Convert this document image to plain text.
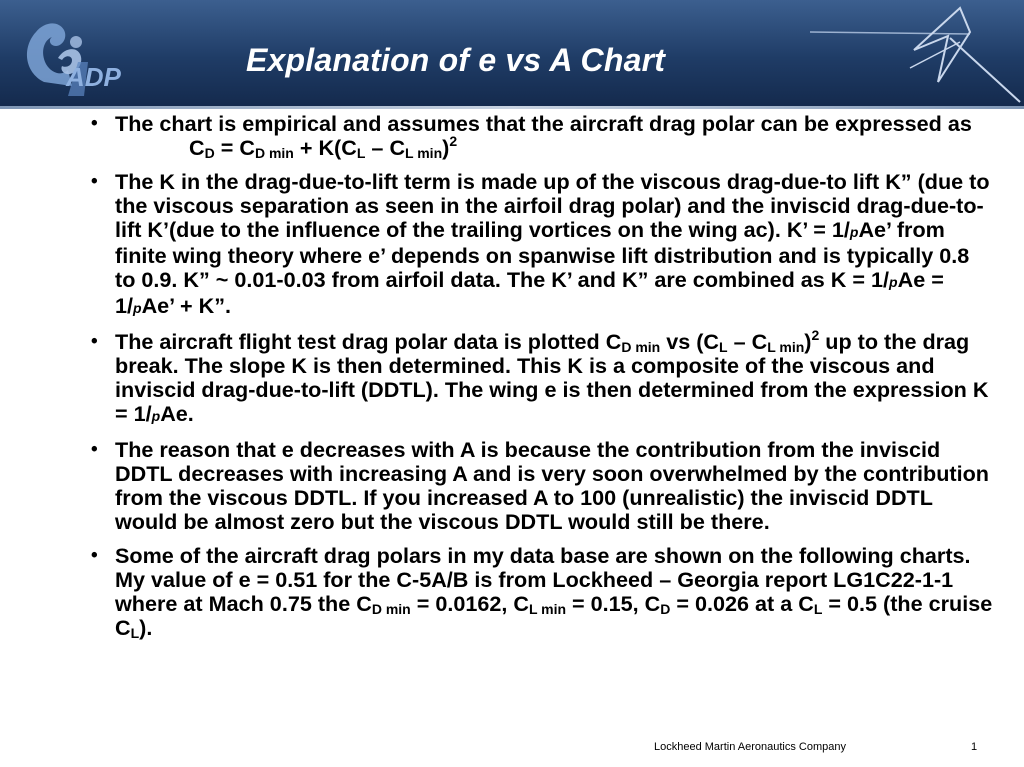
ADP	Explanation of e vs A Chart
• The chart is empirical and assumes that the aircraft drag polar can be expressed $asC_D = C_{D min} + K(C_L - C_{L min})^2$
• The K in the drag-due-to-lift term is made up of the viscous drag-due-to lift K” (due to the viscous separation as seen in the airfoil drag polar) and the inviscid drag-due-to-lift K’(due to the influence of the trailing vortices on the wing ac). K’ = 1/pAe’ from finite wing theory where e’ depends on spanwise lift distribution and is typically 0.8 to 0.9. K” ~ 0.01-0.03 from airfoil data. The K’ and K” are combined as K = 1/pAe = 1/pAe’ + K”.
• The aircraft flight test drag polar data is plotted $C_{D min}$ vs $(C_L - C_{L min})^2$ up to the drag break. The slope K is then determined. This K is a composite of the viscous and inviscid drag-due-to-lift (DDTL). The wing e is then determined from the expression K = 1/pAe.
• The reason that e decreases with A is because the contribution from the inviscid DDTL decreases with increasing A and is very soon overwhelmed by the contribution from the viscous DDTL. If you increased A to 100 (unrealistic) the inviscid DDTL would be almost zero but the viscous DDTL would still be there.
• Some of the aircraft drag polars in my data base are shown on the following charts. My value of e = 0.51 for the C-5A/B is from Lockheed – Georgia report LG1C22-1-1 where at Mach 0.75 the $C_{D min} = 0.0162$, $C_{L min} = 0.15$, $C_D = 0.026$ at a $C_L = 0.5$ (the cruise $C_L$).
Lockheed Martin Aeronautics Company	1
